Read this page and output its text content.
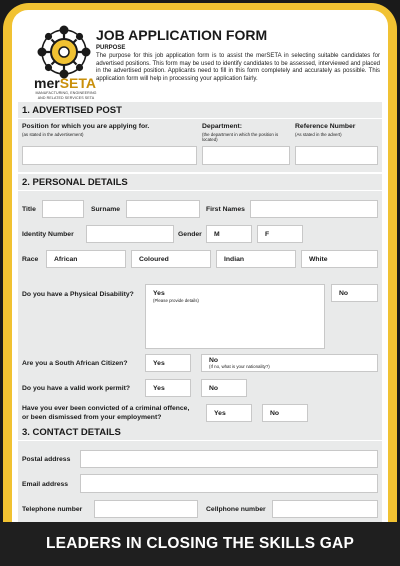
merSETA
MANUFACTURING, ENGINEERING
AND RELATED SERVICES SETA
JOB APPLICATION FORM
PURPOSE
The purpose for this job application form is to assist the merSETA in selecting suitable candidates for advertised positions. This form may be used to identify candidates to be assessed, interviewed and placed in the advertised position. Applicants need to fill in this form completely and accurately as possible. This application form will help in processing your application fairly.
1. ADVERTISED POST
Position for which you are applying for.
(as stated in the advertisement)
Department:
(the department in which the position is located)
Reference Number
(As stated in the advert)
2. PERSONAL DETAILS
Title	Surname	First Names
Identity Number	Gender	M	F
Race	African	Coloured	Indian	White
Do you have a Physical Disability?	Yes
(Please provide details)
No
Are you a South African Citizen?	Yes	No
(If no, what is your nationality?)
Do you have a valid work permit?	Yes	No
Have you ever been convicted of a criminal offence,
or been dismissed from your employment?
Yes	No
3. CONTACT DETAILS
Postal address
Email address
Telephone number	Cellphone number
LEADERS IN CLOSING THE SKILLS GAP
